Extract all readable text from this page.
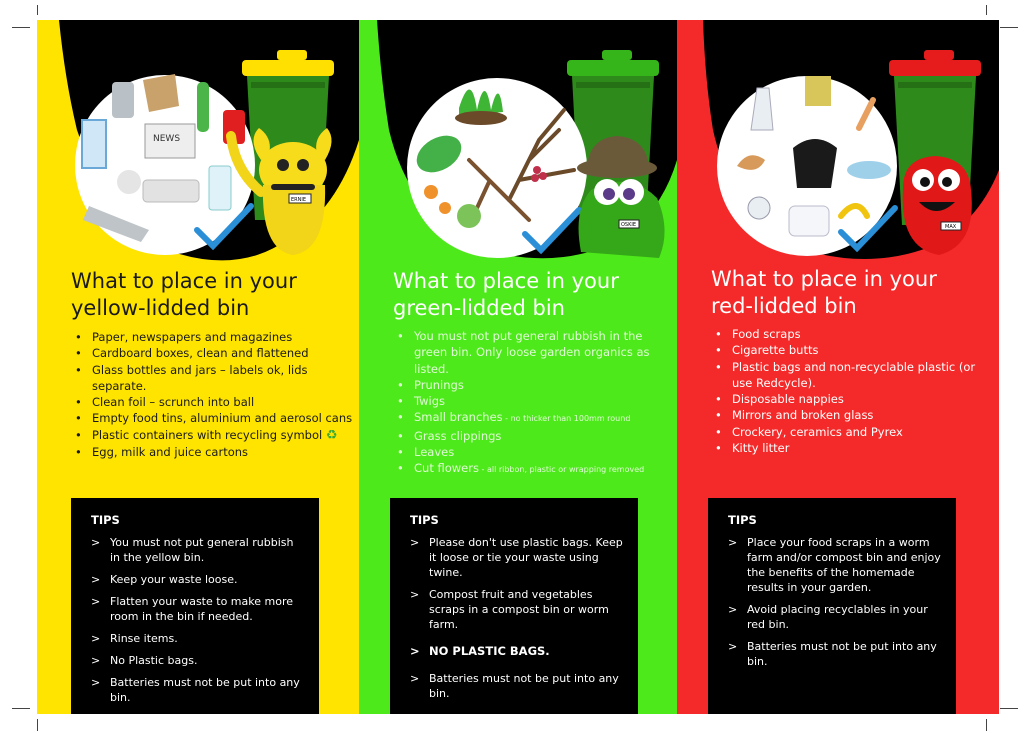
NEWS
ERNIE
What to place in your
yellow-lidded bin
• Paper, newspapers and magazines
• Cardboard boxes, clean and flattened
• Glass bottles and jars – labels ok, lids separate.
• Clean foil – scrunch into ball
• Empty food tins, aluminium and aerosol cans
• Plastic containers with recycling symbol ♻
• Egg, milk and juice cartons
TIPS
> You must not put general rubbish in the yellow bin.
> Keep your waste loose.
> Flatten your waste to make more room in the bin if needed.
> Rinse items.
> No Plastic bags.
> Batteries must not be put into any bin.
OSKIE
What to place in your
green-lidded bin
• You must not put general rubbish in the green bin. Only loose garden organics as listed.
• Prunings
• Twigs
• Small branches - no thicker than 100mm round
• Grass clippings
• Leaves
• Cut flowers - all ribbon, plastic or wrapping removed
TIPS
> Please don't use plastic bags. Keep it loose or tie your waste using twine.
> Compost fruit and vegetables scraps in a compost bin or worm farm.
> NO PLASTIC BAGS.
> Batteries must not be put into any bin.
MAX
What to place in your
red-lidded bin
• Food scraps
• Cigarette butts
• Plastic bags and non-recyclable plastic (or use Redcycle).
• Disposable nappies
• Mirrors and broken glass
• Crockery, ceramics and Pyrex
• Kitty litter
TIPS
> Place your food scraps in a worm farm and/or compost bin and enjoy the benefits of the homemade results in your garden.
> Avoid placing recyclables in your red bin.
> Batteries must not be put into any bin.
